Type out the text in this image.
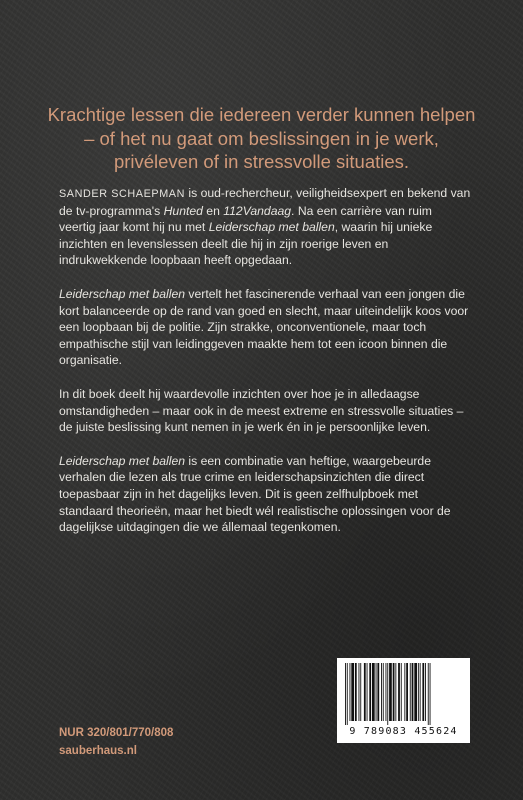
Krachtige lessen die iedereen verder kunnen helpen
– of het nu gaat om beslissingen in je werk,
privéleven of in stressvolle situaties.

SANDER SCHAEPMAN is oud-rechercheur, veiligheidsexpert en bekend van de tv-programma's Hunted en 112Vandaag. Na een carrière van ruim veertig jaar komt hij nu met Leiderschap met ballen, waarin hij unieke inzichten en levenslessen deelt die hij in zijn roerige leven en indrukwekkende loopbaan heeft opgedaan.

Leiderschap met ballen vertelt het fascinerende verhaal van een jongen die kort balanceerde op de rand van goed en slecht, maar uiteindelijk koos voor een loopbaan bij de politie. Zijn strakke, onconventionele, maar toch empathische stijl van leidinggeven maakte hem tot een icoon binnen die organisatie.

In dit boek deelt hij waardevolle inzichten over hoe je in alledaagse omstandigheden – maar ook in de meest extreme en stressvolle situaties – de juiste beslissing kunt nemen in je werk én in je persoonlijke leven.

Leiderschap met ballen is een combinatie van heftige, waargebeurde verhalen die lezen als true crime en leiderschapsinzichten die direct toepasbaar zijn in het dagelijks leven. Dit is geen zelfhulpboek met standaard theorieën, maar het biedt wél realistische oplossingen voor de dagelijkse uitdagingen die we állemaal tegenkomen.

NUR 320/801/770/808
sauberhaus.nl
9 789083 455624
